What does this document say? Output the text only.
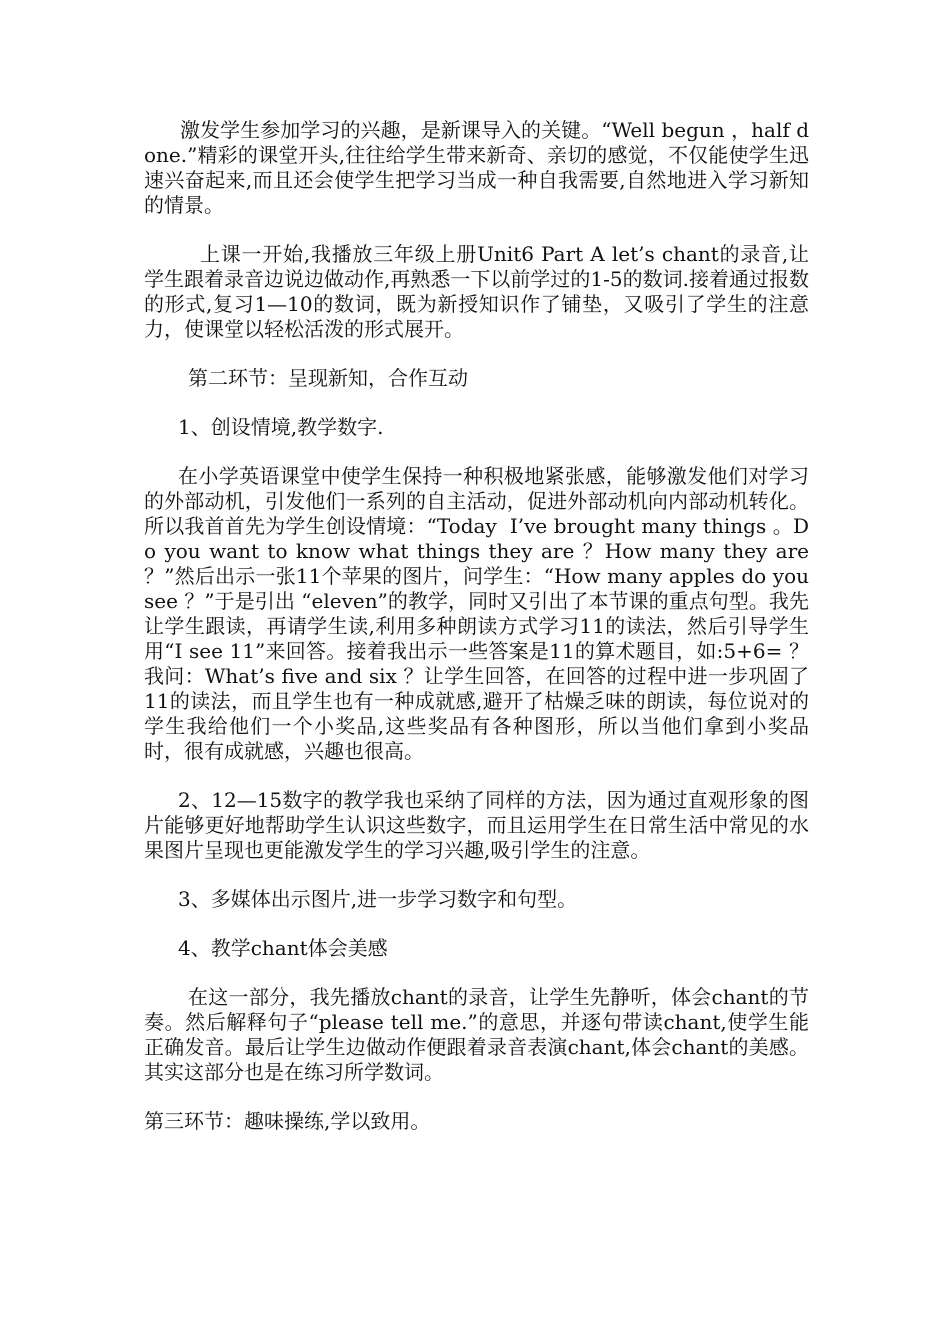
激发学生参加学习的兴趣，是新课导入的关键。“Well begun ，half done.”精彩的课堂开头,往往给学生带来新奇、亲切的感觉，不仅能使学生迅速兴奋起来,而且还会使学生把学习当成一种自我需要,自然地进入学习新知的情景。

上课一开始,我播放三年级上册Unit6 Part A let’s chant的录音,让学生跟着录音边说边做动作,再熟悉一下以前学过的1-5的数词.接着通过报数的形式,复习1—10的数词，既为新授知识作了铺垫，又吸引了学生的注意力，使课堂以轻松活泼的形式展开。

第二环节：呈现新知，合作互动

1、创设情境,教学数字.

在小学英语课堂中使学生保持一种积极地紧张感，能够激发他们对学习的外部动机，引发他们一系列的自主活动，促进外部动机向内部动机转化。所以我首首先为学生创设情境：“Today  I’ve brought many things 。Do you want to know what things they are ？How many they are ？”然后出示一张11个苹果的图片，问学生：“How many apples do you see ？”于是引出 “eleven”的教学，同时又引出了本节课的重点句型。我先让学生跟读，再请学生读,利用多种朗读方式学习11的读法，然后引导学生用“I see 11”来回答。接着我出示一些答案是11的算术题目，如:5+6= ？我问：What’s five and six ？让学生回答，在回答的过程中进一步巩固了11的读法，而且学生也有一种成就感,避开了枯燥乏味的朗读，每位说对的学生我给他们一个小奖品,这些奖品有各种图形，所以当他们拿到小奖品时，很有成就感，兴趣也很高。

2、12—15数字的教学我也采纳了同样的方法，因为通过直观形象的图片能够更好地帮助学生认识这些数字，而且运用学生在日常生活中常见的水果图片呈现也更能激发学生的学习兴趣,吸引学生的注意。

3、多媒体出示图片,进一步学习数字和句型。

4、教学chant体会美感

在这一部分，我先播放chant的录音，让学生先静听，体会chant的节奏。然后解释句子“please tell me.”的意思，并逐句带读chant,使学生能正确发音。最后让学生边做动作便跟着录音表演chant,体会chant的美感。其实这部分也是在练习所学数词。

第三环节：趣味操练,学以致用。
